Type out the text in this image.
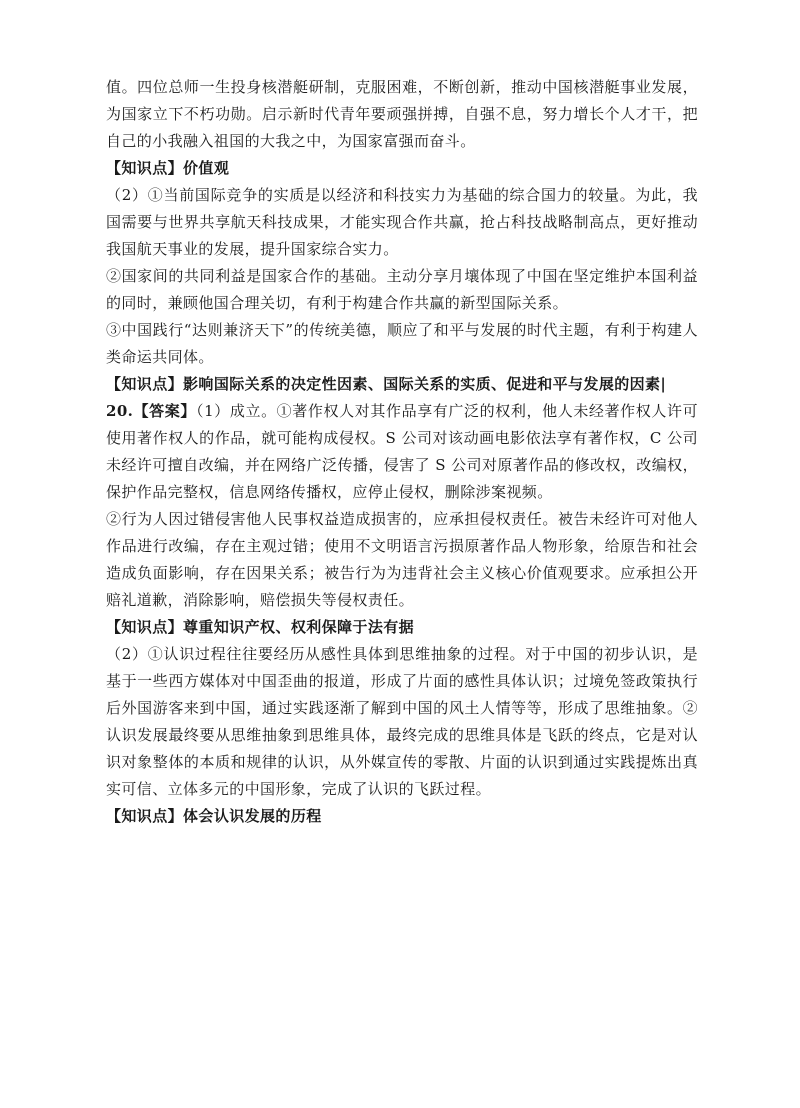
值。四位总师一生投身核潜艇研制，克服困难，不断创新，推动中国核潜艇事业发展，为国家立下不朽功勋。启示新时代青年要顽强拼搏，自强不息，努力增长个人才干，把自己的小我融入祖国的大我之中，为国家富强而奋斗。

【知识点】价值观

（2）①当前国际竞争的实质是以经济和科技实力为基础的综合国力的较量。为此，我国需要与世界共享航天科技成果，才能实现合作共赢，抢占科技战略制高点，更好推动我国航天事业的发展，提升国家综合实力。

②国家间的共同利益是国家合作的基础。主动分享月壤体现了中国在坚定维护本国利益的同时，兼顾他国合理关切，有利于构建合作共赢的新型国际关系。

③中国践行“达则兼济天下”的传统美德，顺应了和平与发展的时代主题，有利于构建人类命运共同体。

【知识点】影响国际关系的决定性因素、国际关系的实质、促进和平与发展的因素|

20.【答案】（1）成立。①著作权人对其作品享有广泛的权利，他人未经著作权人许可使用著作权人的作品，就可能构成侵权。S 公司对该动画电影依法享有著作权，C 公司未经许可擅自改编，并在网络广泛传播，侵害了 S 公司对原著作品的修改权，改编权，保护作品完整权，信息网络传播权，应停止侵权，删除涉案视频。

②行为人因过错侵害他人民事权益造成损害的，应承担侵权责任。被告未经许可对他人作品进行改编，存在主观过错；使用不文明语言污损原著作品人物形象，给原告和社会造成负面影响，存在因果关系；被告行为为违背社会主义核心价值观要求。应承担公开赔礼道歉，消除影响，赔偿损失等侵权责任。

【知识点】尊重知识产权、权利保障于法有据

（2）①认识过程往往要经历从感性具体到思维抽象的过程。对于中国的初步认识，是基于一些西方媒体对中国歪曲的报道，形成了片面的感性具体认识；过境免签政策执行后外国游客来到中国，通过实践逐渐了解到中国的风土人情等等，形成了思维抽象。②认识发展最终要从思维抽象到思维具体，最终完成的思维具体是飞跃的终点，它是对认识对象整体的本质和规律的认识，从外媒宣传的零散、片面的认识到通过实践提炼出真实可信、立体多元的中国形象，完成了认识的飞跃过程。

【知识点】体会认识发展的历程
